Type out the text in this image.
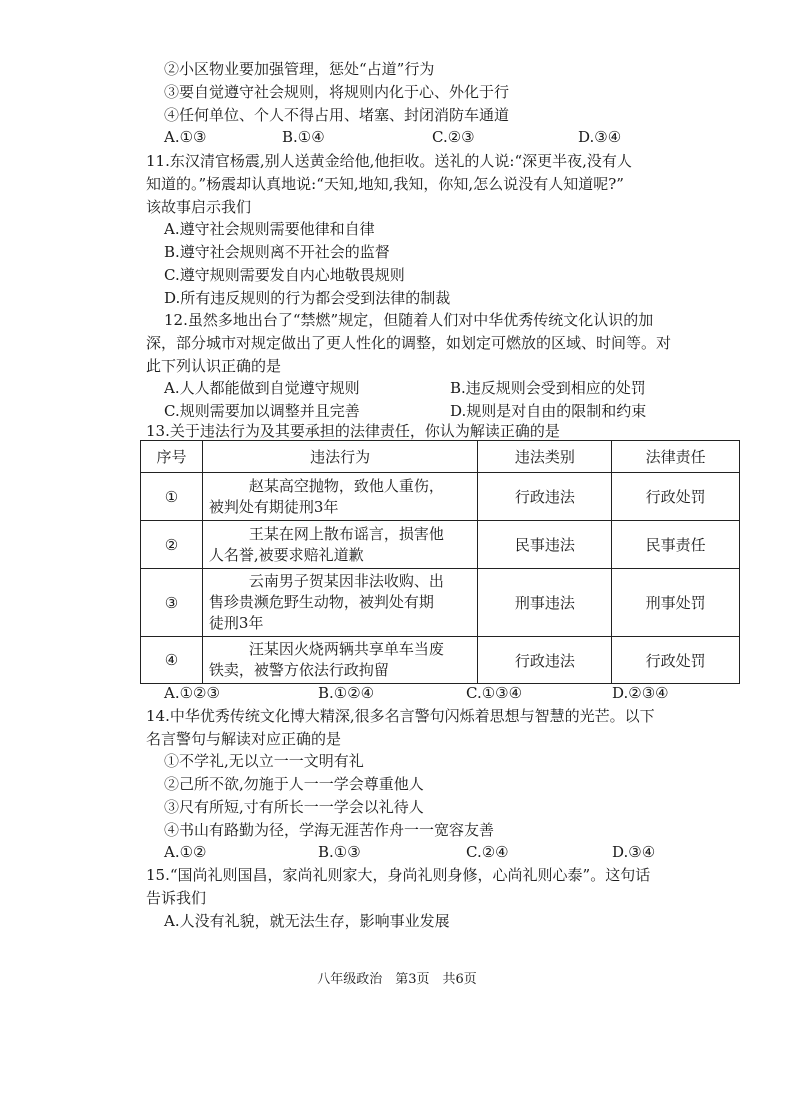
②小区物业要加强管理，惩处“占道”行为
③要自觉遵守社会规则，将规则内化于心、外化于行
④任何单位、个人不得占用、堵塞、封闭消防车通道
A.①③	B.①④	C.②③	D.③④
11.东汉清官杨震,别人送黄金给他,他拒收。送礼的人说:“深更半夜,没有人
知道的。”杨震却认真地说:“天知,地知,我知，你知,怎么说没有人知道呢?”
该故事启示我们
A.遵守社会规则需要他律和自律
B.遵守社会规则离不开社会的监督
C.遵守规则需要发自内心地敬畏规则
D.所有违反规则的行为都会受到法律的制裁
12.虽然多地出台了“禁燃”规定，但随着人们对中华优秀传统文化认识的加
深，部分城市对规定做出了更人性化的调整，如划定可燃放的区域、时间等。对
此下列认识正确的是
A.人人都能做到自觉遵守规则	B.违反规则会受到相应的处罚
C.规则需要加以调整并且完善	D.规则是对自由的限制和约束
13.关于违法行为及其要承担的法律责任，你认为解读正确的是
序号	违法行为	违法类别	法律责任
①	赵某高空抛物，致他人重伤，
被判处有期徒刑3年	行政违法	行政处罚
②	王某在网上散布谣言，损害他
人名誉,被要求赔礼道歉	民事违法	民事责任
③	云南男子贺某因非法收购、出
售珍贵濒危野生动物，被判处有期
徒刑3年	刑事违法	刑事处罚
④	汪某因火烧两辆共享单车当废
铁卖，被警方依法行政拘留	行政违法	行政处罚
A.①②③	B.①②④	C.①③④	D.②③④
14.中华优秀传统文化博大精深,很多名言警句闪烁着思想与智慧的光芒。以下
名言警句与解读对应正确的是
①不学礼,无以立一一文明有礼
②己所不欲,勿施于人一一学会尊重他人
③尺有所短,寸有所长一一学会以礼待人
④书山有路勤为径，学海无涯苦作舟一一宽容友善
A.①②	B.①③	C.②④	D.③④
15.“国尚礼则国昌，家尚礼则家大，身尚礼则身修，心尚礼则心泰”。这句话
告诉我们
A.人没有礼貌，就无法生存，影响事业发展
八年级政治　第3页　共6页
